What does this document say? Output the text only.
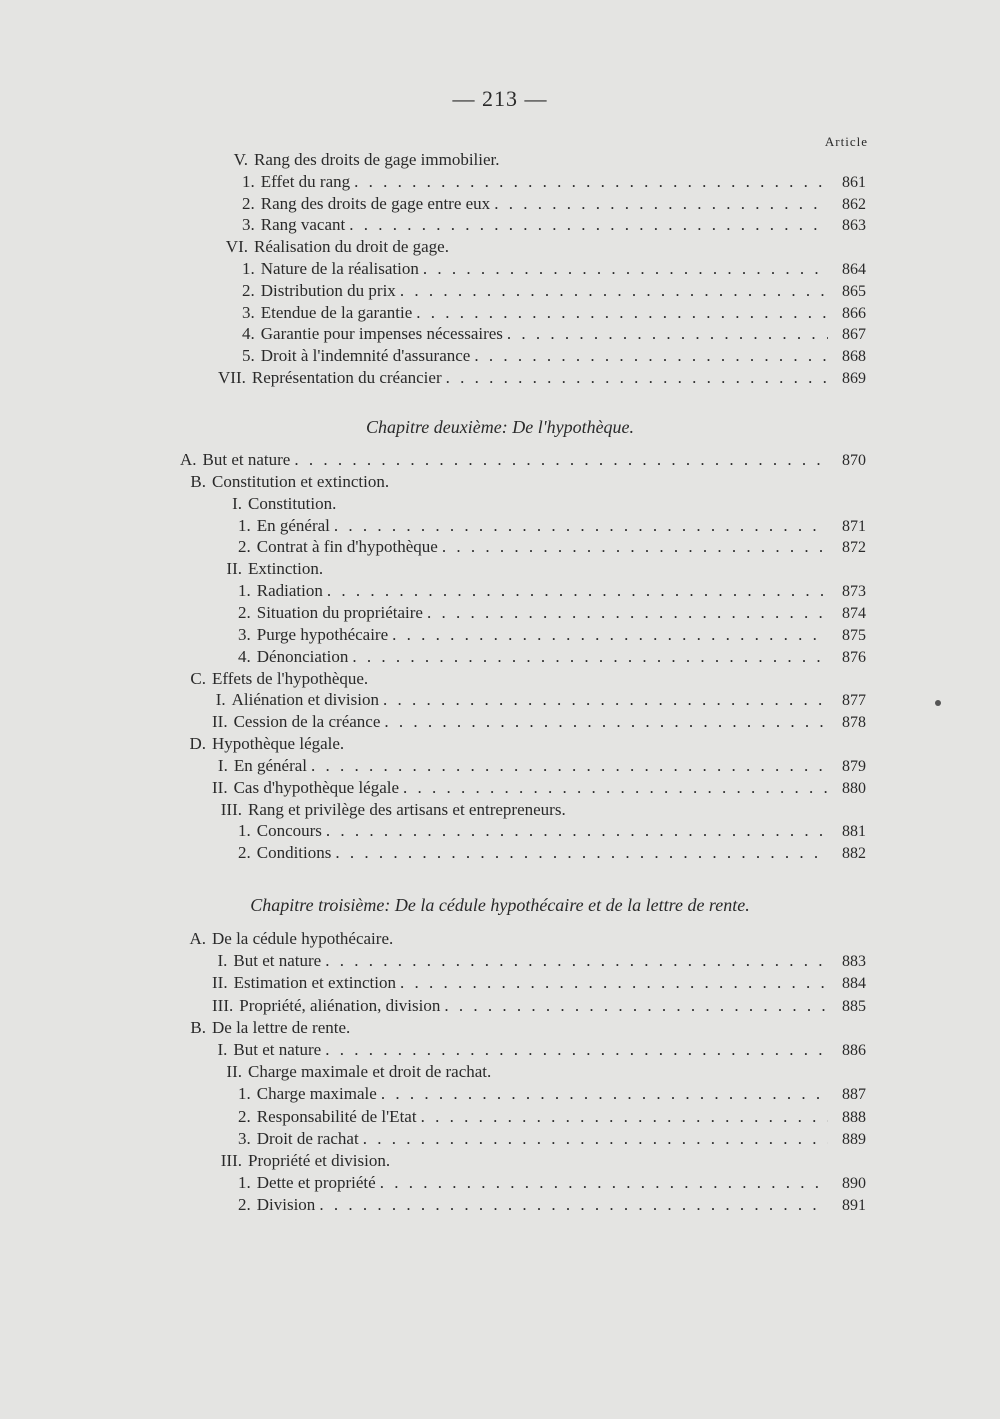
— 213 —
Article
Chapitre deuxième: De l'hypothèque.
Chapitre troisième: De la cédule hypothécaire et de la lettre de rente.
V. Rang des droits de gage immobilier.
1. Effet du rang . . .	861
2. Rang des droits de gage entre eux . . .	862
3. Rang vacant . . .	863
VI. Réalisation du droit de gage.
1. Nature de la réalisation . . .	864
2. Distribution du prix . . .	865
3. Etendue de la garantie . . .	866
4. Garantie pour impenses nécessaires . . .	867
5. Droit à l'indemnité d'assurance . . .	868
VII. Représentation du créancier . . .	869
A. But et nature . . .	870
B. Constitution et extinction.
I. Constitution.
1. En général . . .	871
2. Contrat à fin d'hypothèque . . .	872
II. Extinction.
1. Radiation . . .	873
2. Situation du propriétaire . . .	874
3. Purge hypothécaire . . .	875
4. Dénonciation . . .	876
C. Effets de l'hypothèque.
I. Aliénation et division . . .	877
II. Cession de la créance . . .	878
D. Hypothèque légale.
I. En général . . .	879
II. Cas d'hypothèque légale . . .	880
III. Rang et privilège des artisans et entrepreneurs.
1. Concours . . .	881
2. Conditions . . .	882
A. De la cédule hypothécaire.
I. But et nature . . .	883
II. Estimation et extinction . . .	884
III. Propriété, aliénation, division . . .	885
B. De la lettre de rente.
I. But et nature . . .	886
II. Charge maximale et droit de rachat.
1. Charge maximale . . .	887
2. Responsabilité de l'Etat . . .	888
3. Droit de rachat . . .	889
III. Propriété et division.
1. Dette et propriété . . .	890
2. Division . . .	891
